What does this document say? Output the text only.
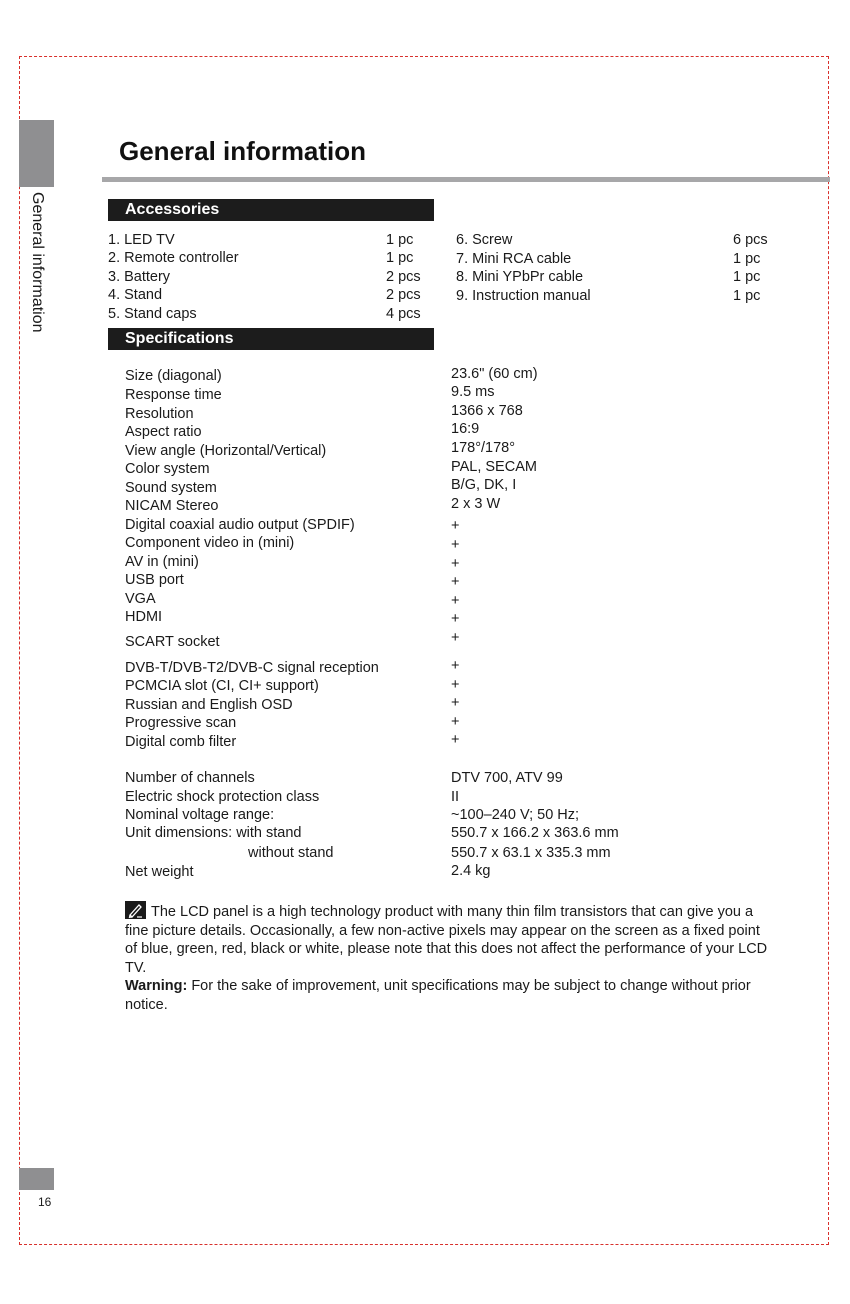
General information
General information
Accessories
1. LED TV	1 pc
2. Remote controller	1 pc
3. Battery	2 pcs
4. Stand	2 pcs
5. Stand caps	4 pcs
6. Screw	6 pcs
7. Mini RCA cable	1 pc
8. Mini YPbPr cable	1 pc
9. Instruction manual	1 pc
Specifications
Size (diagonal)	23.6" (60 cm)
Response time	9.5 ms
Resolution	1366 x 768
Aspect ratio	16:9
View angle (Horizontal/Vertical)	178°/178°
Color system	PAL, SECAM
Sound system	B/G, DK, I
NICAM Stereo	2 x 3 W
Digital coaxial audio output (SPDIF)	+
Component video in (mini)	+
AV in (mini)	+
USB port	+
VGA	+
HDMI	+
SCART socket	+
DVB-T/DVB-T2/DVB-C signal reception	+
PCMCIA slot (CI, CI+ support)	+
Russian and English OSD	+
Progressive scan	+
Digital comb filter	+
Number of channels	DTV 700, ATV 99
Electric shock protection class	II
Nominal voltage range:	~100–240 V; 50 Hz;
Unit dimensions: with stand	550.7 x 166.2 x 363.6 mm
without stand	550.7 x 63.1 x 335.3 mm
Net weight	2.4 kg

The LCD panel is a high technology product with many thin film transistors that can give you a fine picture details. Occasionally, a few non-active pixels may appear on the screen as a fixed point of blue, green, red, black or white, please note that this does not affect the performance of your LCD TV.

Warning: For the sake of improvement, unit specifications may be subject to change without prior notice.

16
